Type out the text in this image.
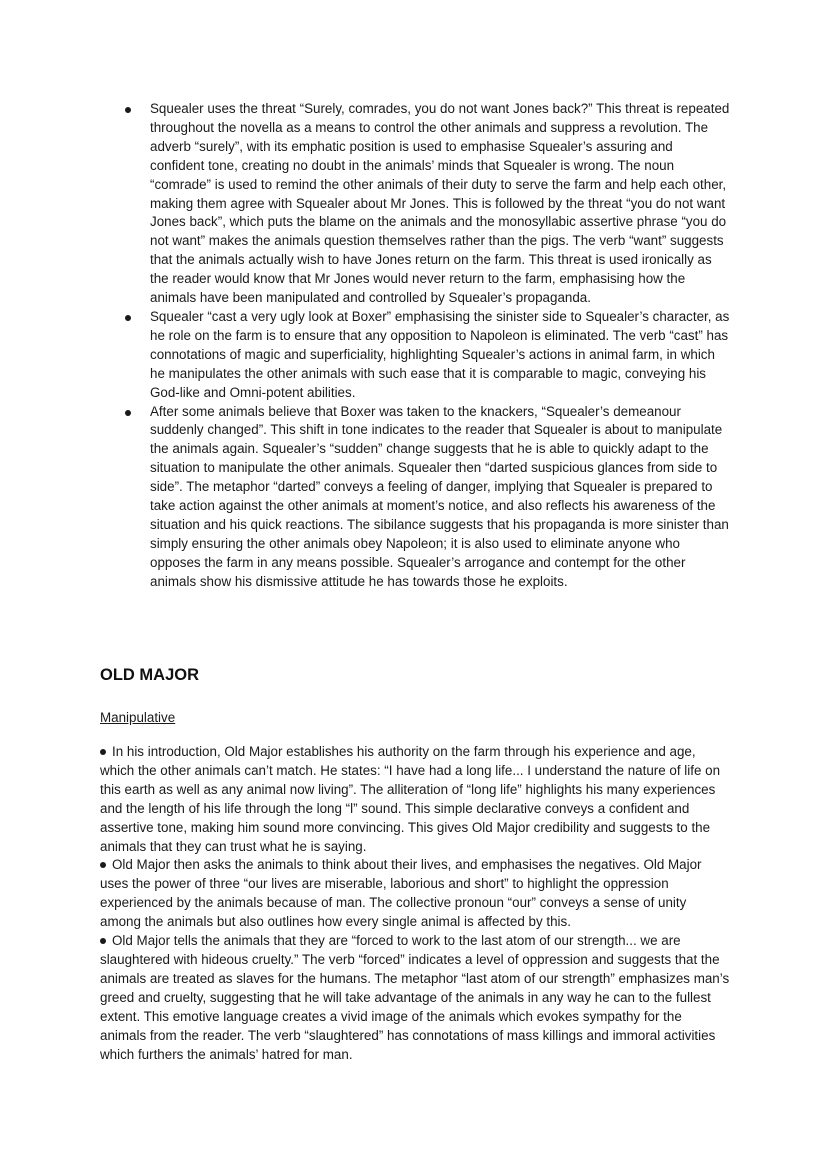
Squealer uses the threat “Surely, comrades, you do not want Jones back?” This threat is repeated throughout the novella as a means to control the other animals and suppress a revolution. The adverb “surely”, with its emphatic position is used to emphasise Squealer’s assuring and confident tone, creating no doubt in the animals’ minds that Squealer is wrong. The noun “comrade” is used to remind the other animals of their duty to serve the farm and help each other, making them agree with Squealer about Mr Jones. This is followed by the threat “you do not want Jones back”, which puts the blame on the animals and the monosyllabic assertive phrase “you do not want” makes the animals question themselves rather than the pigs. The verb “want” suggests that the animals actually wish to have Jones return on the farm. This threat is used ironically as the reader would know that Mr Jones would never return to the farm, emphasising how the animals have been manipulated and controlled by Squealer’s propaganda.
Squealer “cast a very ugly look at Boxer” emphasising the sinister side to Squealer’s character, as he role on the farm is to ensure that any opposition to Napoleon is eliminated. The verb “cast” has connotations of magic and superficiality, highlighting Squealer’s actions in animal farm, in which he manipulates the other animals with such ease that it is comparable to magic, conveying his God-like and Omni-potent abilities.
After some animals believe that Boxer was taken to the knackers, “Squealer’s demeanour suddenly changed”. This shift in tone indicates to the reader that Squealer is about to manipulate the animals again. Squealer’s “sudden” change suggests that he is able to quickly adapt to the situation to manipulate the other animals. Squealer then “darted suspicious glances from side to side”. The metaphor “darted” conveys a feeling of danger, implying that Squealer is prepared to take action against the other animals at moment’s notice, and also reflects his awareness of the situation and his quick reactions. The sibilance suggests that his propaganda is more sinister than simply ensuring the other animals obey Napoleon; it is also used to eliminate anyone who opposes the farm in any means possible. Squealer’s arrogance and contempt for the other animals show his dismissive attitude he has towards those he exploits.
OLD MAJOR

Manipulative

In his introduction, Old Major establishes his authority on the farm through his experience and age, which the other animals can’t match. He states: “I have had a long life... I understand the nature of life on this earth as well as any animal now living”. The alliteration of “long life” highlights his many experiences and the length of his life through the long “l” sound. This simple declarative conveys a confident and assertive tone, making him sound more convincing. This gives Old Major credibility and suggests to the animals that they can trust what he is saying.

Old Major then asks the animals to think about their lives, and emphasises the negatives. Old Major uses the power of three “our lives are miserable, laborious and short” to highlight the oppression experienced by the animals because of man. The collective pronoun “our” conveys a sense of unity among the animals but also outlines how every single animal is affected by this.

Old Major tells the animals that they are “forced to work to the last atom of our strength... we are slaughtered with hideous cruelty.” The verb “forced” indicates a level of oppression and suggests that the animals are treated as slaves for the humans. The metaphor “last atom of our strength” emphasizes man’s greed and cruelty, suggesting that he will take advantage of the animals in any way he can to the fullest extent. This emotive language creates a vivid image of the animals which evokes sympathy for the animals from the reader. The verb “slaughtered” has connotations of mass killings and immoral activities which furthers the animals’ hatred for man.
